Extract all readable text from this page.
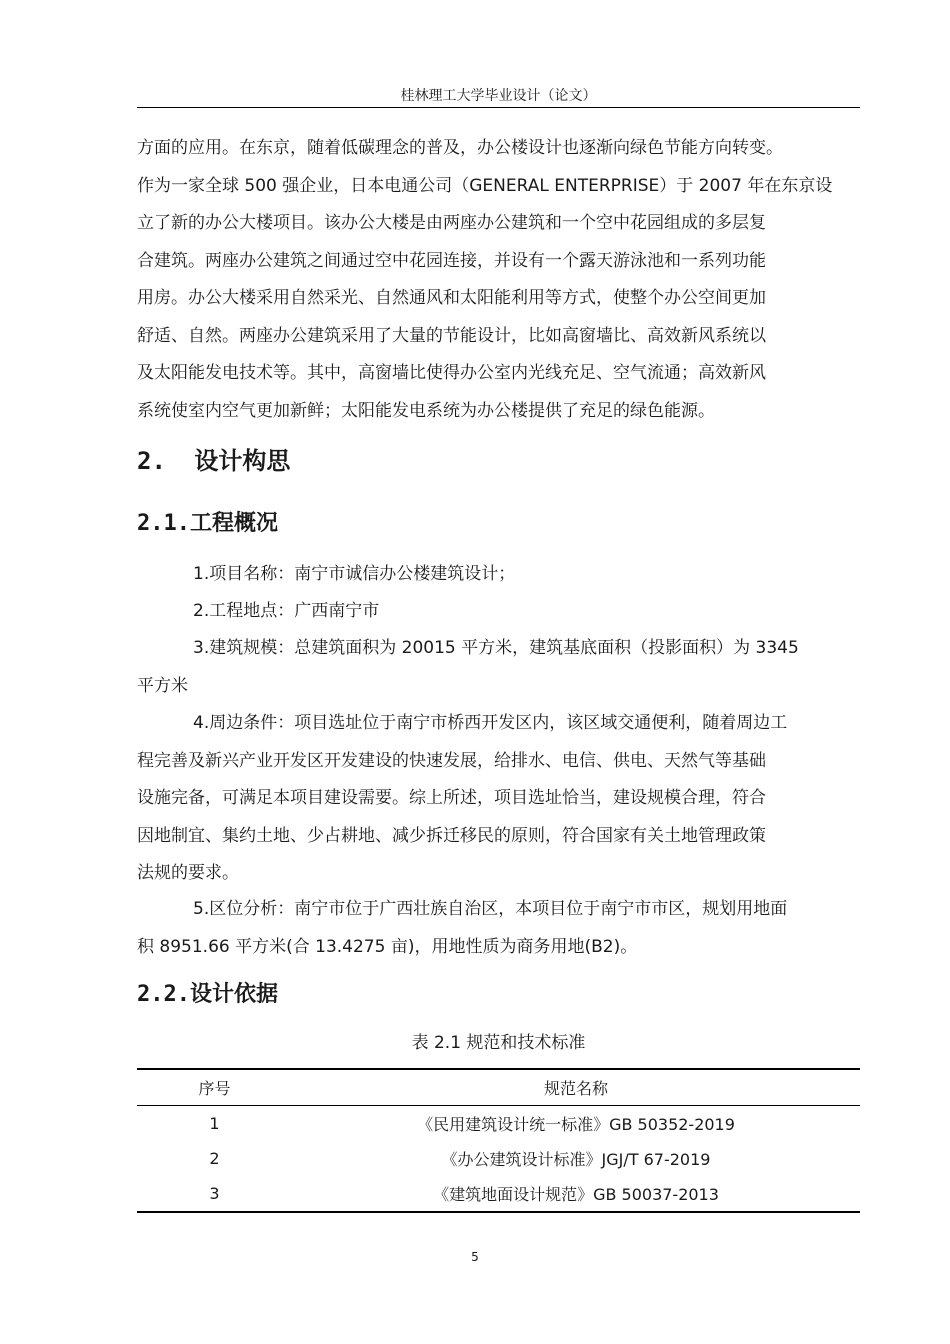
桂林理工大学毕业设计（论文）
方面的应用。在东京，随着低碳理念的普及，办公楼设计也逐渐向绿色节能方向转变。
作为一家全球 500 强企业，日本电通公司（GENERAL ENTERPRISE）于 2007 年在东京设
立了新的办公大楼项目。该办公大楼是由两座办公建筑和一个空中花园组成的多层复
合建筑。两座办公建筑之间通过空中花园连接，并设有一个露天游泳池和一系列功能
用房。办公大楼采用自然采光、自然通风和太阳能利用等方式，使整个办公空间更加
舒适、自然。两座办公建筑采用了大量的节能设计，比如高窗墙比、高效新风系统以
及太阳能发电技术等。其中，高窗墙比使得办公室内光线充足、空气流通；高效新风
系统使室内空气更加新鲜；太阳能发电系统为办公楼提供了充足的绿色能源。
2. 设计构思
2.1.工程概况
1.项目名称：南宁市诚信办公楼建筑设计；
2.工程地点：广西南宁市
3.建筑规模：总建筑面积为 20015 平方米，建筑基底面积（投影面积）为 3345
平方米
4.周边条件：项目选址位于南宁市桥西开发区内，该区域交通便利，随着周边工
程完善及新兴产业开发区开发建设的快速发展，给排水、电信、供电、天然气等基础
设施完备，可满足本项目建设需要。综上所述，项目选址恰当，建设规模合理，符合
因地制宜、集约土地、少占耕地、减少拆迁移民的原则，符合国家有关土地管理政策
法规的要求。
5.区位分析：南宁市位于广西壮族自治区，本项目位于南宁市市区，规划用地面
积 8951.66 平方米(合 13.4275 亩)，用地性质为商务用地(B2)。
2.2.设计依据
表 2.1 规范和技术标准
序号	规范名称
1	《民用建筑设计统一标准》GB 50352-2019
2	《办公建筑设计标准》JGJ/T 67-2019
3	《建筑地面设计规范》GB 50037-2013
5
